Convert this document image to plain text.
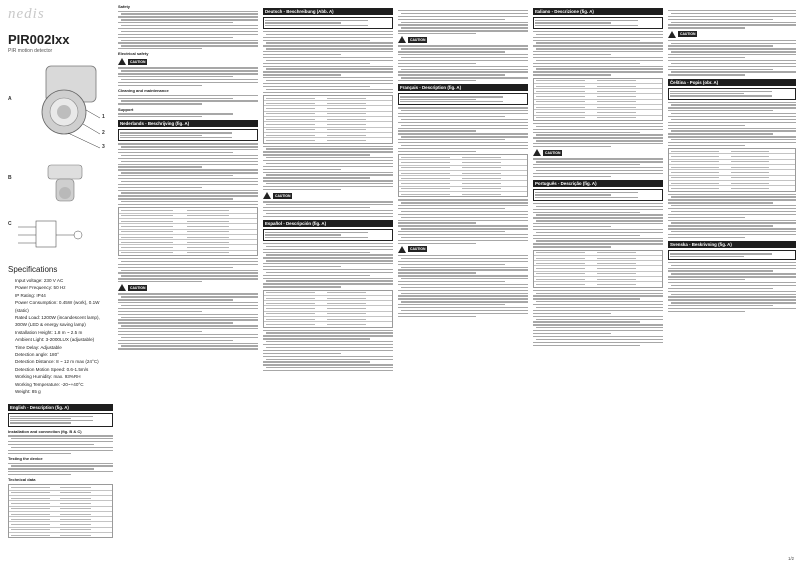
nedis
PIR002Ixx
PIR motion detector
A
1
2
3
B
C
Specifications
• Input voltage: 230 V AC
• Power Frequency: 50 Hz
• IP Rating: IP44
• Power Consumption: 0.45W (work), 0.1W (static)
• Rated Load: 1200W (incandescent lamp), 300W (LED & energy saving lamp)
• Installation Height: 1.8 m ~ 2.5 m
• Ambient Light: 3-2000LUX (adjustable)
• Time Delay: Adjustable
• Detection angle: 180°
• Detection Distance: 8 ~ 12 m max (24°C)
• Detection Motion Speed: 0.6-1.5m/s
• Working Humidity: max. 93%RH
• Working Temperature: -20~+40°C
• Weight: 85 g
English - Description (fig. A)
Installation and connection (fig. B & C)
Testing the device
Technical data
Safety
Electrical safety
CAUTION
Cleaning and maintenance
Support
Nederlands - Beschrijving (fig. A)
CAUTION
Deutsch - Beschreibung (Abb. A)
CAUTION
Español - Descripción (fig. A)
CAUTION
Français - Description (fig. A)
CAUTION
Italiano - Descrizione (fig. A)
CAUTION
Português - Descrição (fig. A)
CAUTION
Čeština - Popis (obr. A)
Svenska - Beskrivning (fig. A)
1/2
